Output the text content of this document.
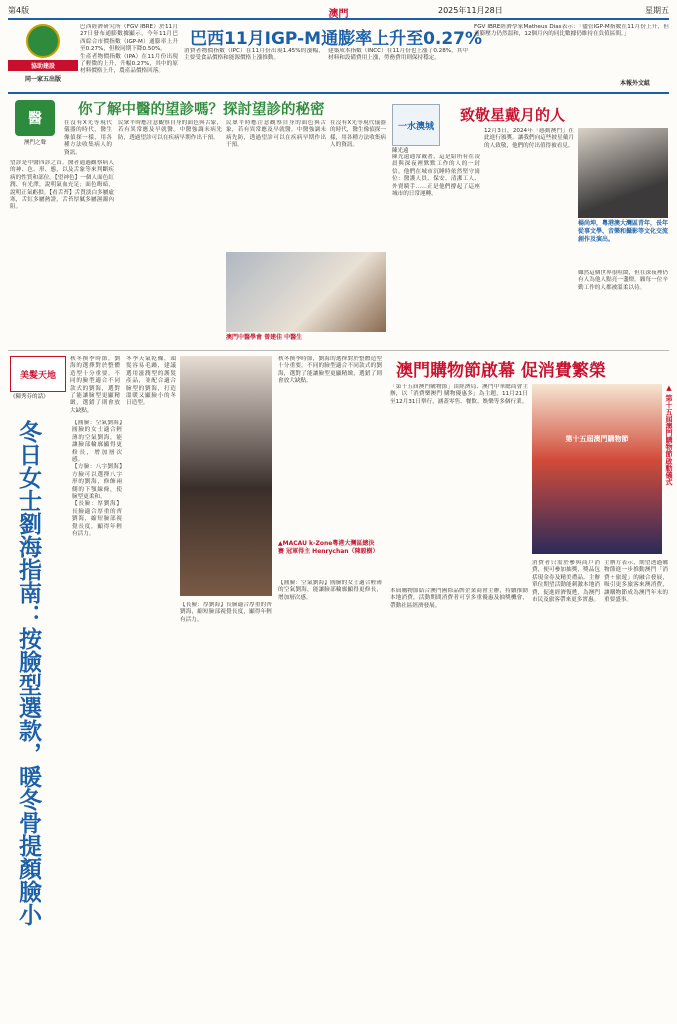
第4版	澳門	2025年11月28日	星期五
協助建設
同一家五出版
巴西經濟研究所（FGV IBRE）於11月27日發布通膨數據顯示，今年11月巴西綜合市價指數（IGP-M）通膨率上升至0.27%，但較同期下降0.50%。
生產者物價指數（IPA）在11月份出現了輕微的上升，升幅0.27%，其中的原材料價格上升，農產品價格回落。
巴西11月IGP-M通膨率上升至0.27%
消費者物價指數（IPC）在11月份出現1.45%的漲幅，主要受食品價格和能源價格上漲推動。
建築成本指數（INCC）在11月份也上漲了0.28%，其中材料和設備費用上漲，勞務費用則保持穩定。
FGV IBRE經濟學家Matheus Dias表示：「儘管IGP-M指數在11月份上升，但通膨壓力仍然溫和，12個月內的同比數據仍維持在負值區間。」
本報外文組
醫
澳門之聲
你了解中醫的望診嗎？探討望診的秘密
在沒有X光等現代儀器的時代，醫生像偵探一樣，用各種方法收集病人的資訊。
望診是中醫四診之首。醫者通過觀察病人的神、色、形、態，以及舌象等來判斷疾病的性質和部位。【望神色】一個人面色紅潤、有光澤，說明氣血充足；面色晦暗，說明正氣虧損。【看舌苔】舌質淡白多屬虛寒，舌紅多屬熱證，舌苔厚膩多屬濕濁內阻。
民眾平時應注意觀察自身的面色與舌象，若有異常應及早就醫。中醫強調未病先防，透過望診可以在疾病早期作出干預。
澳門中醫學會 曾建佳 中醫生
民眾平時應注意觀察自身的面色與舌象，若有異常應及早就醫。中醫強調未病先防，透過望診可以在疾病早期作出干預。
在沒有X光等現代儀器的時代，醫生像偵探一樣，用各種方法收集病人的資訊。
一水澳城
致敬星戴月的人
陳光遠
陳光遠通常戴著，這是給所有在凌晨與深夜裡默默工作的人的一封信。他們在城市沉睡時依然堅守崗位：醫護人員、保安、清潔工人、外賣騎手……正是他們撐起了這座城市的日常運轉。
12月3日，2024年「感動澳門」在此進行頒獎。讓我們向這些披星戴月的人致敬，他們的付出值得被看見。
楊尚坤，粵港澳大灣區青年，長年從事文學、音樂和攝影等文化交流創作及演出。
雖然這個世界很喧鬧，但在深夜裡仍有人為他人點亮一盞燈。願每一位辛勤工作的人都被溫柔以待。
美髮天地
《陳秀芬的話》
秋冬換季時節，劉海的選擇對於整體造型十分重要。不同的臉型適合不同款式的劉海，選對了能讓臉型更顯精緻，選錯了則會放大缺點。
冬日女士劉海指南：按臉型選款，暖冬骨提顏臉小	【圓臉：空氣劉海】圓臉的女士適合輕薄的空氣劉海，能讓臉部輪廓顯得更修長，增加層次感。
【方臉：八字劉海】方臉可以選擇八字形的劉海，修飾兩側的下顎線條，使臉型更柔和。
【長臉：厚劉海】長臉適合厚重的齊劉海，縮短臉部視覺長度，顯得年輕有活力。
冬季天氣乾燥，頭髮容易毛躁，建議選用滋潤型的護髮產品，並配合適合臉型的劉海，打造溫暖又顯臉小的冬日造型。
▲MACAU k-Zone粵港大灣區總決賽 冠軍得主 Henrychan（陳毅樹）
【長臉：厚劉海】長臉適合厚重的齊劉海，縮短臉部視覺長度，顯得年輕有活力。
秋冬換季時節，劉海的選擇對於整體造型十分重要。不同的臉型適合不同款式的劉海，選對了能讓臉型更顯精緻，選錯了則會放大缺點。
【圓臉：空氣劉海】圓臉的女士適合輕薄的空氣劉海，能讓臉部輪廓顯得更修長，增加層次感。
澳門購物節啟幕 促消費繁榮
「第十五屆澳門購物節」由經濟局、澳門中華總商會主辦，以「消費樂澳門 購物優惠多」為主題，11月21日至12月31日舉行，涵蓋零售、餐飲、娛樂等多個行業。
第十五屆澳門購物節	▲ 第十五屆澳門購物節啟動儀式
本屆購物節結合澳門國際品牌企業商會主辦，持續推動本地消費，活動期間消費者可享多重優惠及抽獎機會，帶動社區經濟發展。
消費者只需於參與商戶消費，便可參加抽獎，獎品包括現金券及精美禮品。主辦單位期望活動能刺激本地消費，促進經濟復甦，為澳門市民及旅客帶來更多實惠。
主辦方表示，期望透過購物節進一步推動澳門「消費＋旅遊」的融合發展，吸引更多旅客來澳消費，讓購物節成為澳門年末的重要盛事。
